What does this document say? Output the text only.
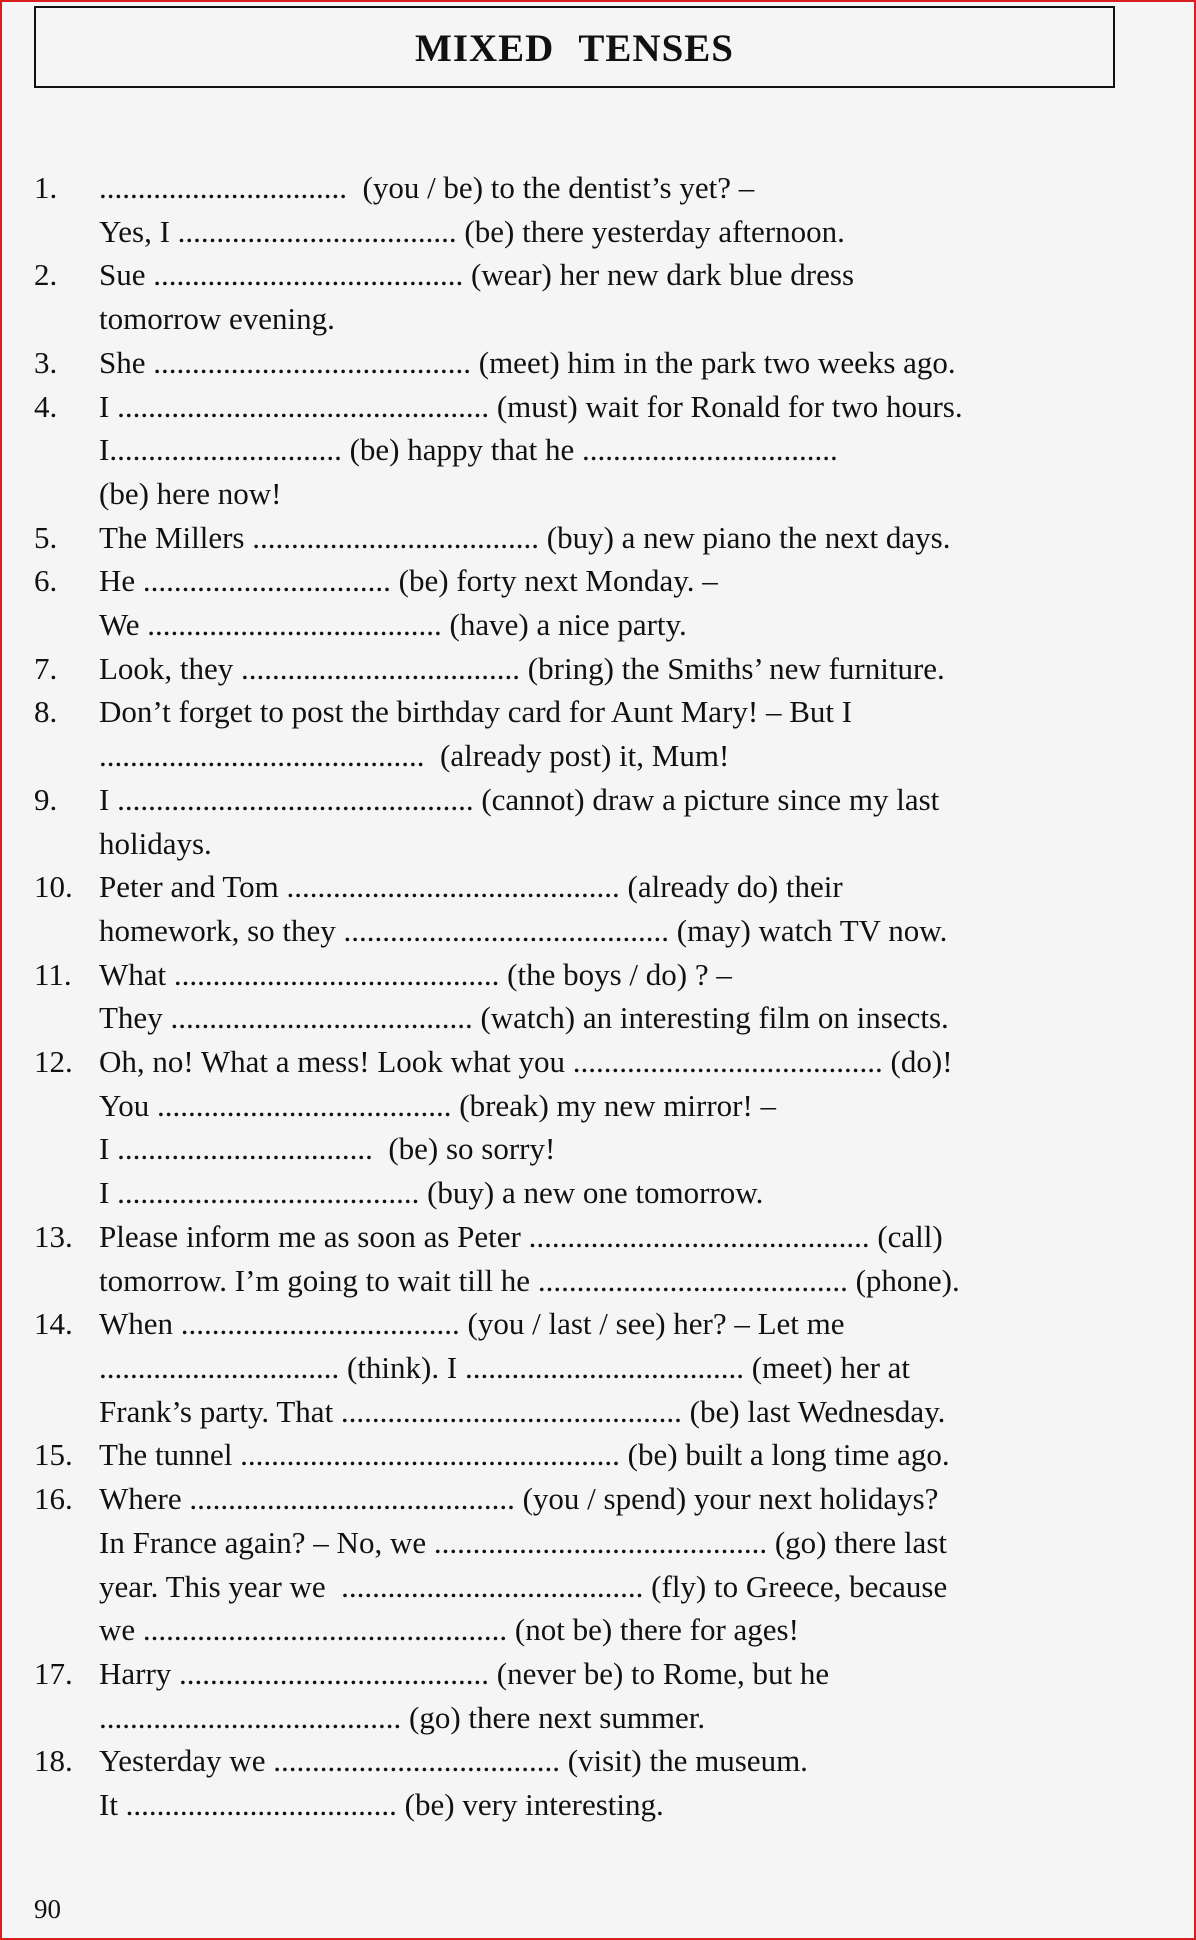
MIXED TENSES
1.	................................  (you / be) to the dentist’s yet? –
Yes, I .................................... (be) there yesterday afternoon.
2.	Sue ........................................ (wear) her new dark blue dress
tomorrow evening.
3.	She ......................................... (meet) him in the park two weeks ago.
4.	I ................................................ (must) wait for Ronald for two hours.
I.............................. (be) happy that he .................................
(be) here now!
5.	The Millers ..................................... (buy) a new piano the next days.
6.	He ................................ (be) forty next Monday. –
We ...................................... (have) a nice party.
7.	Look, they .................................... (bring) the Smiths’ new furniture.
8.	Don’t forget to post the birthday card for Aunt Mary! – But I
..........................................  (already post) it, Mum!
9.	I .............................................. (cannot) draw a picture since my last
holidays.
10. Peter and Tom ........................................... (already do) their
homework, so they .......................................... (may) watch TV now.
11. What .......................................... (the boys / do) ? –
They ....................................... (watch) an interesting film on insects.
12. Oh, no! What a mess! Look what you ........................................ (do)!
You ...................................... (break) my new mirror! –
I .................................  (be) so sorry!
I ....................................... (buy) a new one tomorrow.
13. Please inform me as soon as Peter ............................................ (call)
tomorrow. I’m going to wait till he ........................................ (phone).
14. When .................................... (you / last / see) her? – Let me
............................... (think). I .................................... (meet) her at
Frank’s party. That ............................................ (be) last Wednesday.
15. The tunnel ................................................. (be) built a long time ago.
16. Where .......................................... (you / spend) your next holidays?
In France again? – No, we ........................................... (go) there last
year. This year we  ....................................... (fly) to Greece, because
we ............................................... (not be) there for ages!
17. Harry ........................................ (never be) to Rome, but he
....................................... (go) there next summer.
18. Yesterday we ..................................... (visit) the museum.
It ................................... (be) very interesting.
90
